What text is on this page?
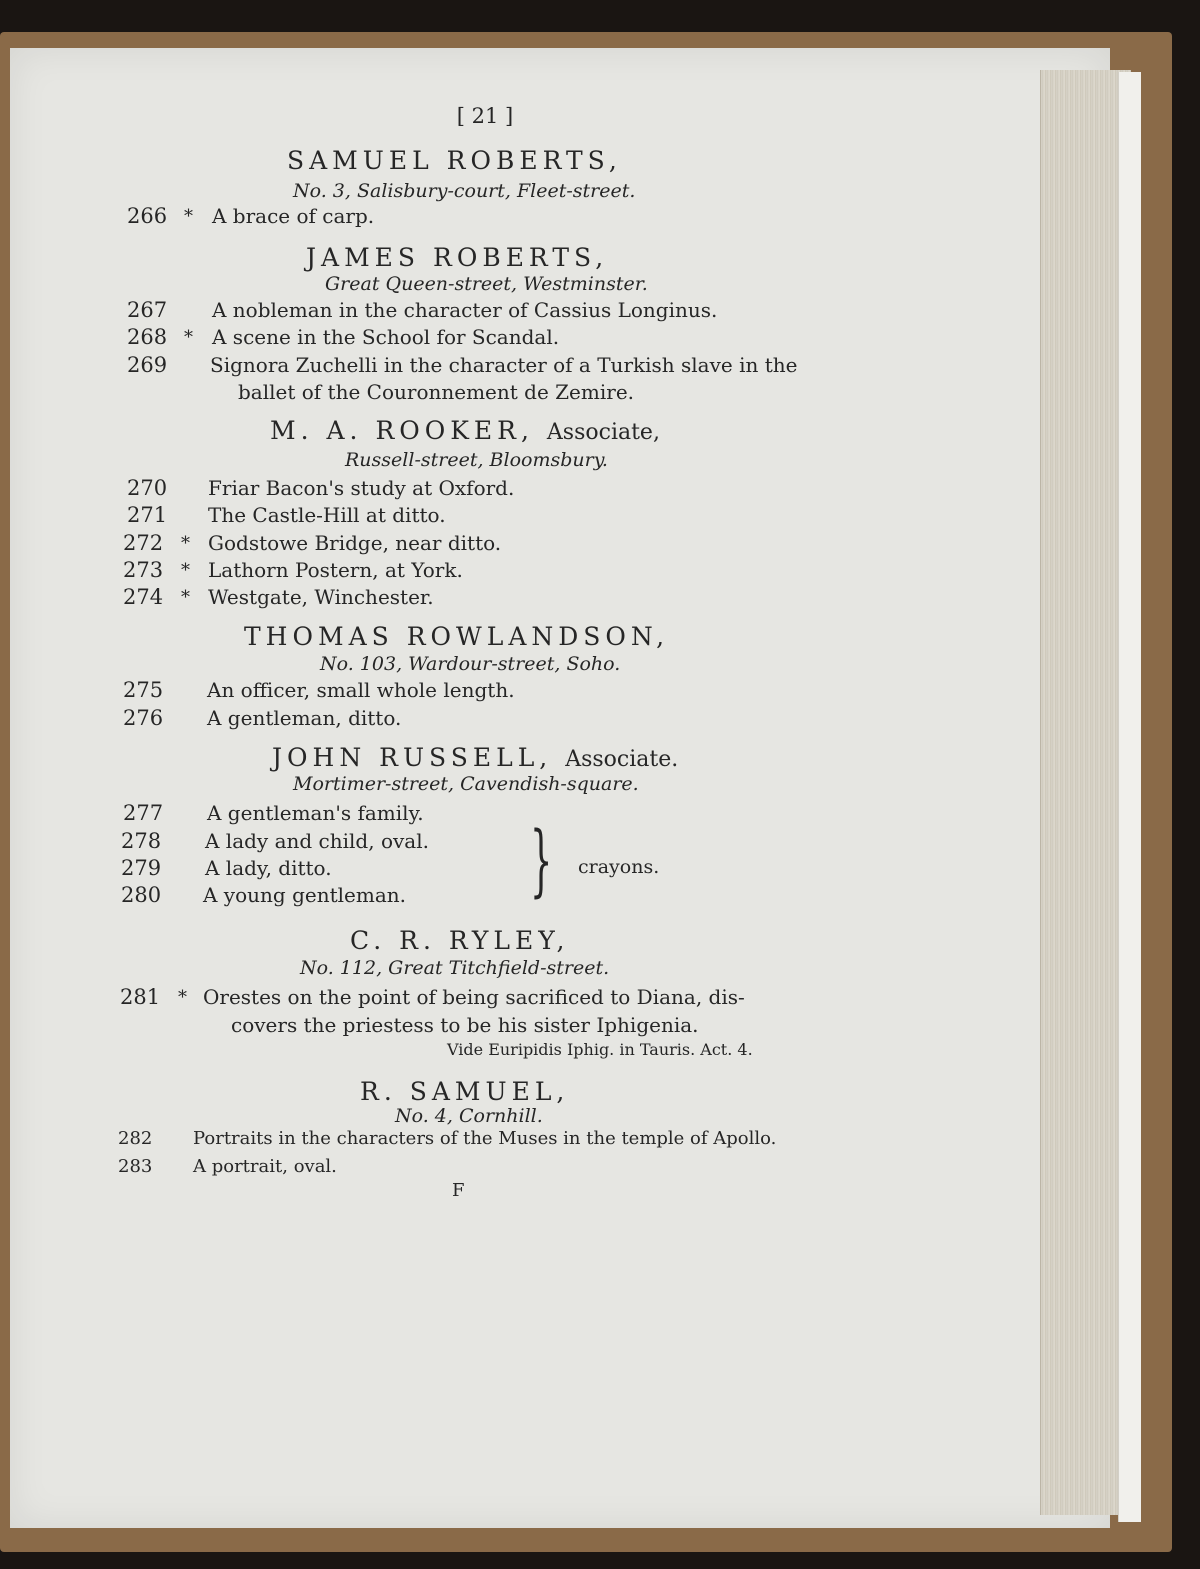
[ 21 ]
SAMUEL ROBERTS,
No. 3, Salisbury-court, Fleet-street.
266 * A brace of carp.
JAMES ROBERTS,
Great Queen-street, Westminster.
267 A nobleman in the character of Cassius Longinus.
268 * A scene in the School for Scandal.
269 Signora Zuchelli in the character of a Turkish slave in the
ballet of the Couronnement de Zemire.
M. A. ROOKER, Associate,
Russell-street, Bloomsbury.
270 Friar Bacon's study at Oxford.
271 The Castle-Hill at ditto.
272 * Godstowe Bridge, near ditto.
273 * Lathorn Postern, at York.
274 * Westgate, Winchester.
THOMAS ROWLANDSON,
No. 103, Wardour-street, Soho.
275 An officer, small whole length.
276 A gentleman, ditto.
JOHN RUSSELL, Associate.
Mortimer-street, Cavendish-square.
277 A gentleman's family.
278 A lady and child, oval.
279 A lady, ditto.
280 A young gentleman. } crayons.
C. R. RYLEY,
No. 112, Great Titchfield-street.
281 * Orestes on the point of being sacrificed to Diana, dis-
covers the priestess to be his sister Iphigenia.
Vide Euripidis Iphig. in Tauris. Act. 4.
R. SAMUEL,
No. 4, Cornhill.
282 Portraits in the characters of the Muses in the temple of Apollo.
283 A portrait, oval.
F
